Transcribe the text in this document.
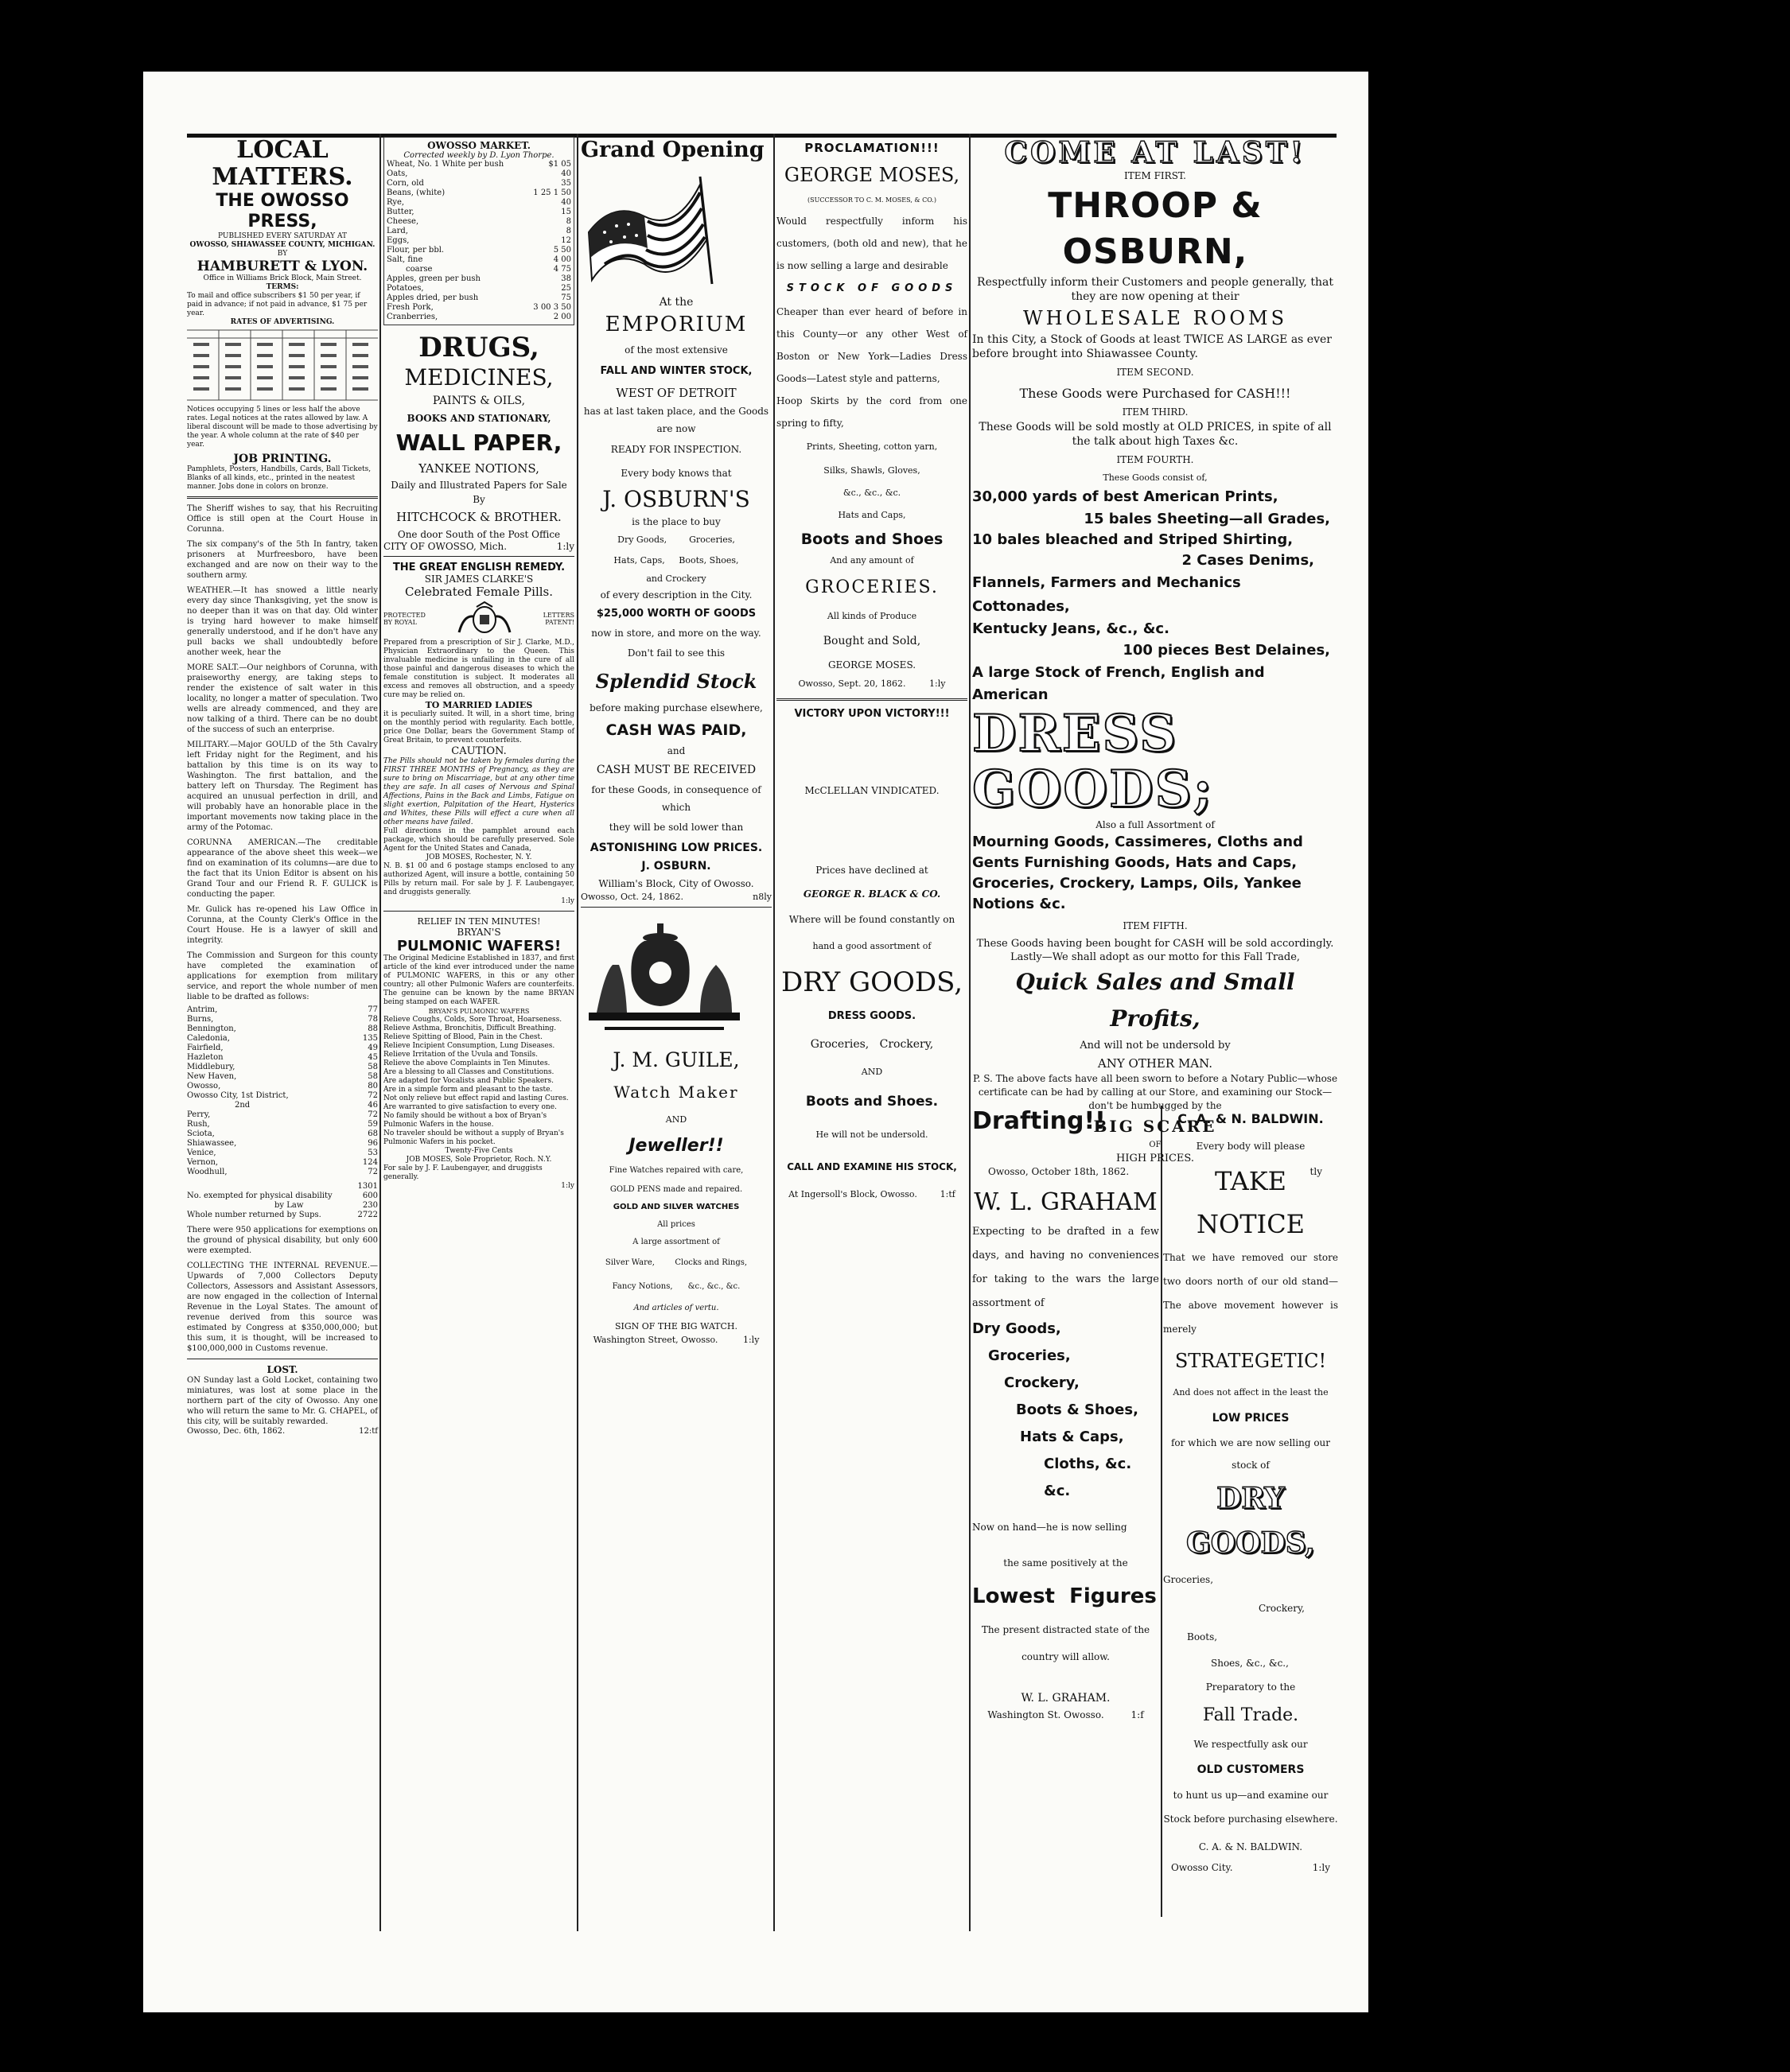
LOCAL MATTERS.

THE OWOSSO PRESS,

PUBLISHED EVERY SATURDAY AT

OWOSSO, SHIAWASSEE COUNTY, MICHIGAN.

BY

HAMBURETT & LYON.

Office in Williams Brick Block, Main Street.

TERMS:

To mail and office subscribers $1 50 per year, if paid in advance; if not paid in advance, $1 75 per year.

RATES OF ADVERTISING.

Notices occupying 5 lines or less half the above rates. Legal notices at the rates allowed by law. A liberal discount will be made to those advertising by the year. A whole column at the rate of $40 per year.

JOB PRINTING.

Pamphlets, Posters, Handbills, Cards, Ball Tickets, Blanks of all kinds, etc., printed in the neatest manner. Jobs done in colors on bronze.

The Sheriff wishes to say, that his Recruiting Office is still open at the Court House in Corunna.

The six company's of the 5th In fantry, taken prisoners at Murfreesboro, have been exchanged and are now on their way to the southern army.

WEATHER.—It has snowed a little nearly every day since Thanksgiving, yet the snow is no deeper than it was on that day. Old winter is trying hard however to make himself generally understood, and if he don't have any pull backs we shall undoubtedly before another week, hear the

MORE SALT.—Our neighbors of Corunna, with praiseworthy energy, are taking steps to render the existence of salt water in this locality, no longer a matter of speculation. Two wells are already commenced, and they are now talking of a third. There can be no doubt of the success of such an enterprise.

MILITARY.—Major GOULD of the 5th Cavalry left Friday night for the Regiment, and his battalion by this time is on its way to Washington. The first battalion, and the battery left on Thursday. The Regiment has acquired an unusual perfection in drill, and will probably have an honorable place in the important movements now taking place in the army of the Potomac.

CORUNNA AMERICAN.—The creditable appearance of the above sheet this week—we find on examination of its columns—are due to the fact that its Union Editor is absent on his Grand Tour and our Friend R. F. GULICK is conducting the paper.

Mr. Gulick has re-opened his Law Office in Corunna, at the County Clerk's Office in the Court House. He is a lawyer of skill and integrity.

The Commission and Surgeon for this county have completed the examination of applications for exemption from military service, and report the whole number of men liable to be drafted as follows:

Antrim,	77
Burns,	78
Bennington,	88
Caledonia,	135
Fairfield,	49
Hazleton	45
Middlebury,	58
New Haven,	58
Owosso,	80
Owosso City, 1st District,	72
2nd	46
Perry,	72
Rush,	59
Sciota,	68
Shiawassee,	96
Venice,	53
Vernon,	124
Woodhull,	72
1301
No. exempted for physical disability	600
by Law	230
Whole number returned by Sups.	2722

There were 950 applications for exemptions on the ground of physical disability, but only 600 were exempted.

COLLECTING THE INTERNAL REVENUE.—Upwards of 7,000 Collectors Deputy Collectors, Assessors and Assistant Assessors, are now engaged in the collection of Internal Revenue in the Loyal States. The amount of revenue derived from this source was estimated by Congress at $350,000,000; but this sum, it is thought, will be increased to $100,000,000 in Customs revenue.

LOST.

ON Sunday last a Gold Locket, containing two miniatures, was lost at some place in the northern part of the city of Owosso. Any one who will return the same to Mr. G. CHAPEL, of this city, will be suitably rewarded.

Owosso, Dec. 6th, 1862.	12:tf

OWOSSO MARKET.

Corrected weekly by D. Lyon Thorpe.

Wheat, No. 1 White per bush	$1 05
Oats,	40
Corn, old	35
Beans, (white)	1 25 1 50
Rye,	40
Butter,	15
Cheese,	8
Lard,	8
Eggs,	12
Flour, per bbl.	5 50
Salt, fine	4 00
coarse	4 75
Apples, green per bush	38
Potatoes,	25
Apples dried, per bush	75
Fresh Pork,	3 00 3 50
Cranberries,	2 00

DRUGS,

MEDICINES,

PAINTS & OILS,

BOOKS AND STATIONARY,

WALL PAPER,

YANKEE NOTIONS,

Daily and Illustrated Papers for Sale By

HITCHCOCK & BROTHER.

One door South of the Post Office

CITY OF OWOSSO, Mich.	1:ly

THE GREAT ENGLISH REMEDY.

SIR JAMES CLARKE'S

Celebrated Female Pills.

PROTECTED
BY ROYAL
LETTERS
PATENT!

Prepared from a prescription of Sir J. Clarke, M.D., Physician Extraordinary to the Queen. This invaluable medicine is unfailing in the cure of all those painful and dangerous diseases to which the female constitution is subject. It moderates all excess and removes all obstruction, and a speedy cure may be relied on.

TO MARRIED LADIES

it is peculiarly suited. It will, in a short time, bring on the monthly period with regularity. Each bottle, price One Dollar, bears the Government Stamp of Great Britain, to prevent counterfeits.

CAUTION.

The Pills should not be taken by females during the FIRST THREE MONTHS of Pregnancy, as they are sure to bring on Miscarriage, but at any other time they are safe. In all cases of Nervous and Spinal Affections, Pains in the Back and Limbs, Fatigue on slight exertion, Palpitation of the Heart, Hysterics and Whites, these Pills will effect a cure when all other means have failed.

Full directions in the pamphlet around each package, which should be carefully preserved. Sole Agent for the United States and Canada,

JOB MOSES, Rochester, N. Y.

N. B. $1 00 and 6 postage stamps enclosed to any authorized Agent, will insure a bottle, containing 50 Pills by return mail. For sale by J. F. Laubengayer, and druggists generally.

1:ly

RELIEF IN TEN MINUTES!

BRYAN'S

PULMONIC WAFERS!

The Original Medicine Established in 1837, and first article of the kind ever introduced under the name of PULMONIC WAFERS, in this or any other country; all other Pulmonic Wafers are counterfeits. The genuine can be known by the name BRYAN being stamped on each WAFER.

BRYAN'S PULMONIC WAFERS

Relieve Coughs, Colds, Sore Throat, Hoarseness.

Relieve Asthma, Bronchitis, Difficult Breathing.

Relieve Spitting of Blood, Pain in the Chest.

Relieve Incipient Consumption, Lung Diseases.

Relieve Irritation of the Uvula and Tonsils.

Relieve the above Complaints in Ten Minutes.

Are a blessing to all Classes and Constitutions.

Are adapted for Vocalists and Public Speakers.

Are in a simple form and pleasant to the taste.

Not only relieve but effect rapid and lasting Cures.

Are warranted to give satisfaction to every one.

No family should be without a box of Bryan's Pulmonic Wafers in the house.

No traveler should be without a supply of Bryan's Pulmonic Wafers in his pocket.

Twenty-Five Cents

JOB MOSES, Sole Proprietor, Roch. N.Y.

For sale by J. F. Laubengayer, and druggists generally.

1:ly

Grand Opening

At the

EMPORIUM

of the most extensive

FALL AND WINTER STOCK,

WEST OF DETROIT

has at last taken place, and the Goods are now

READY FOR INSPECTION.

Every body knows that

J. OSBURN'S

is the place to buy

Dry Goods,        Groceries,

Hats, Caps,     Boots, Shoes,

and Crockery

of every description in the City.

$25,000 WORTH OF GOODS

now in store, and more on the way.

Don't fail to see this

Splendid Stock

before making purchase elsewhere,

CASH WAS PAID,

and

CASH MUST BE RECEIVED

for these Goods, in consequence of which

they will be sold lower than

ASTONISHING LOW PRICES.

J. OSBURN.

William's Block, City of Owosso.

Owosso, Oct. 24, 1862.	n8ly

J. M. GUILE,

Watch Maker

AND

Jeweller!!

Fine Watches repaired with care,

GOLD PENS made and repaired.

GOLD AND SILVER WATCHES

All prices

A large assortment of

Silver Ware,        Clocks and Rings,

Fancy Notions,      &c., &c., &c.

And articles of vertu.

SIGN OF THE BIG WATCH.

Washington Street, Owosso.	1:ly

PROCLAMATION!!!

GEORGE MOSES,

(SUCCESSOR TO C. M. MOSES, & CO.)

Would respectfully inform his customers, (both old and new), that he is now selling a large and desirable

STOCK OF GOODS

Cheaper than ever heard of before in this County—or any other West of Boston or New York—Ladies Dress Goods—Latest style and patterns,

Hoop Skirts by the cord from one spring to fifty,

Prints, Sheeting, cotton yarn,

Silks, Shawls, Gloves,

&c., &c., &c.

Hats and Caps,

Boots and Shoes

And any amount of

GROCERIES.

All kinds of Produce

Bought and Sold,

GEORGE MOSES.

Owosso, Sept. 20, 1862.	1:ly

VICTORY UPON VICTORY!!!

McCLELLAN VINDICATED.

Prices have declined at

GEORGE R. BLACK & CO.

Where will be found constantly on

hand a good assortment of

DRY GOODS,

DRESS GOODS.

Groceries,   Crockery,

AND

Boots and Shoes.

He will not be undersold.

CALL AND EXAMINE HIS STOCK,

At Ingersoll's Block, Owosso.	1:tf

COME AT LAST!

ITEM FIRST.

THROOP & OSBURN,

Respectfully inform their Customers and people generally, that they are now opening at their

WHOLESALE ROOMS

In this City, a Stock of Goods at least TWICE AS LARGE as ever before brought into Shiawassee County.

ITEM SECOND.

These Goods were Purchased for CASH!!!

ITEM THIRD.

These Goods will be sold mostly at OLD PRICES, in spite of all the talk about high Taxes &c.

ITEM FOURTH.

These Goods consist of,

30,000 yards of best American Prints,

15 bales Sheeting—all Grades,

10 bales bleached and Striped Shirting,

2 Cases Denims,

Flannels, Farmers and Mechanics Cottonades,

Kentucky Jeans, &c., &c.

100 pieces Best Delaines,

A large Stock of French, English and American

DRESS GOODS;

Also a full Assortment of

Mourning Goods, Cassimeres, Cloths and Gents Furnishing Goods, Hats and Caps, Groceries, Crockery, Lamps, Oils, Yankee Notions &c.

ITEM FIFTH.

These Goods having been bought for CASH will be sold accordingly. Lastly—We shall adopt as our motto for this Fall Trade,

Quick Sales and Small Profits,

And will not be undersold by

ANY OTHER MAN.

P. S. The above facts have all been sworn to before a Notary Public—whose certificate can be had by calling at our Store, and examining our Stock—don't be humbugged by the

BIG SCARE

OF

HIGH PRICES.

Owosso, October 18th, 1862.	tly

Drafting!!

W. L. GRAHAM

Expecting to be drafted in a few days, and having no conveniences for taking to the wars the large assortment of

Dry Goods,

Groceries,

Crockery,

Boots & Shoes,

Hats & Caps,

Cloths, &c. &c.

Now on hand—he is now selling

the same positively at the

Lowest  Figures

The present distracted state of the country will allow.

W. L. GRAHAM.

Washington St. Owosso.	1:f

C. A. & N. BALDWIN.

Every body will please

TAKE NOTICE

That we have removed our store two doors north of our old stand—The above movement however is merely

STRATEGETIC!

And does not affect in the least the

LOW PRICES

for which we are now selling our stock of

DRY GOODS,

Groceries,

Crockery,

Boots,

Shoes, &c., &c.,

Preparatory to the

Fall Trade.

We respectfully ask our

OLD CUSTOMERS

to hunt us up—and examine our Stock before purchasing elsewhere.

C. A. & N. BALDWIN.

Owosso City.	1:ly
